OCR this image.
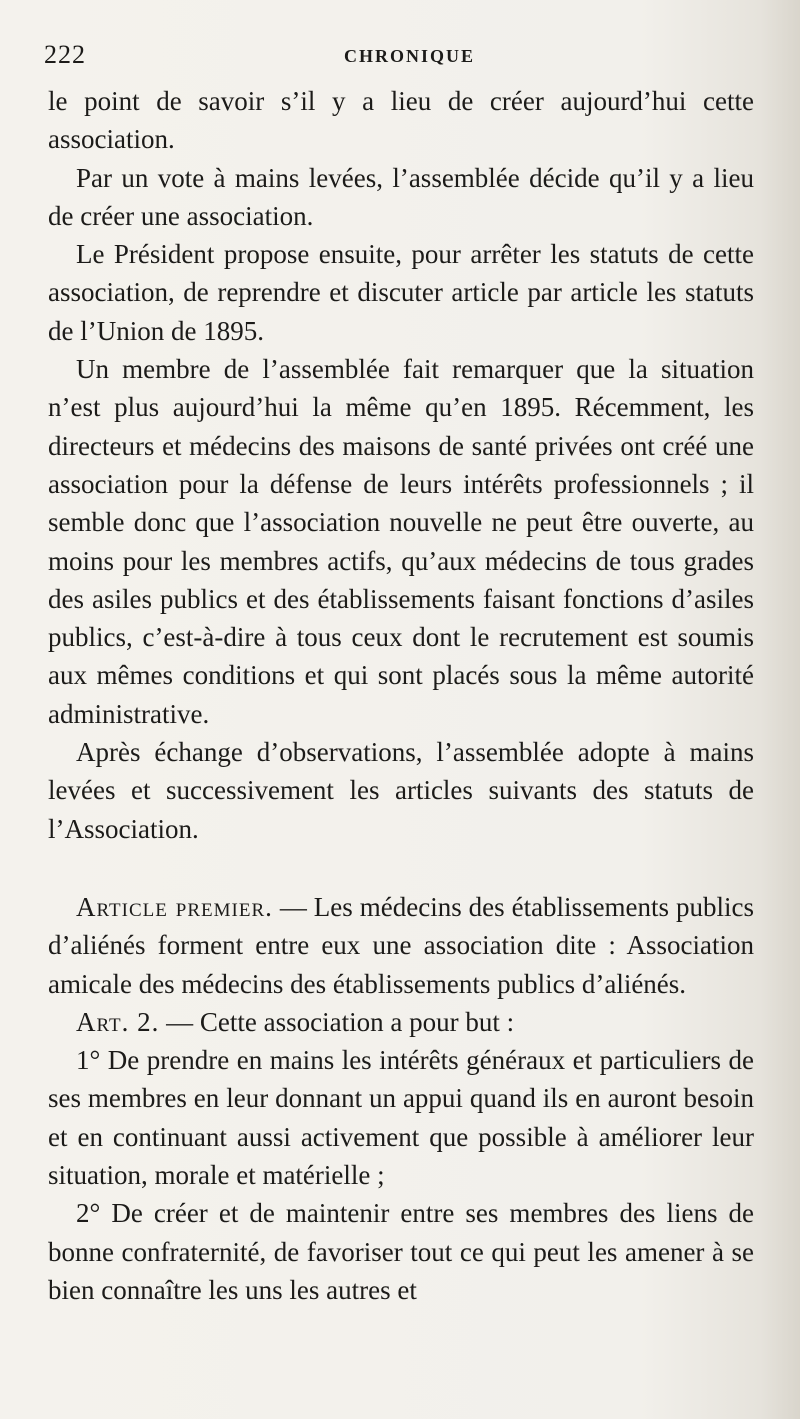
222	CHRONIQUE

le point de savoir s’il y a lieu de créer aujourd’hui cette association.

Par un vote à mains levées, l’assemblée décide qu’il y a lieu de créer une association.

Le Président propose ensuite, pour arrêter les statuts de cette association, de reprendre et discuter article par article les statuts de l’Union de 1895.

Un membre de l’assemblée fait remarquer que la situation n’est plus aujourd’hui la même qu’en 1895. Récemment, les directeurs et médecins des maisons de santé privées ont créé une association pour la défense de leurs intérêts professionnels ; il semble donc que l’association nouvelle ne peut être ouverte, au moins pour les membres actifs, qu’aux médecins de tous grades des asiles publics et des établissements faisant fonctions d’asiles publics, c’est-à-dire à tous ceux dont le recrutement est soumis aux mêmes conditions et qui sont placés sous la même autorité administrative.

Après échange d’observations, l’assemblée adopte à mains levées et successivement les articles suivants des statuts de l’Association.

Article premier. — Les médecins des établissements publics d’aliénés forment entre eux une association dite : Association amicale des médecins des établissements publics d’aliénés.

Art. 2. — Cette association a pour but :

1° De prendre en mains les intérêts généraux et particuliers de ses membres en leur donnant un appui quand ils en auront besoin et en continuant aussi activement que possible à améliorer leur situation, morale et matérielle ;

2° De créer et de maintenir entre ses membres des liens de bonne confraternité, de favoriser tout ce qui peut les amener à se bien connaître les uns les autres et
